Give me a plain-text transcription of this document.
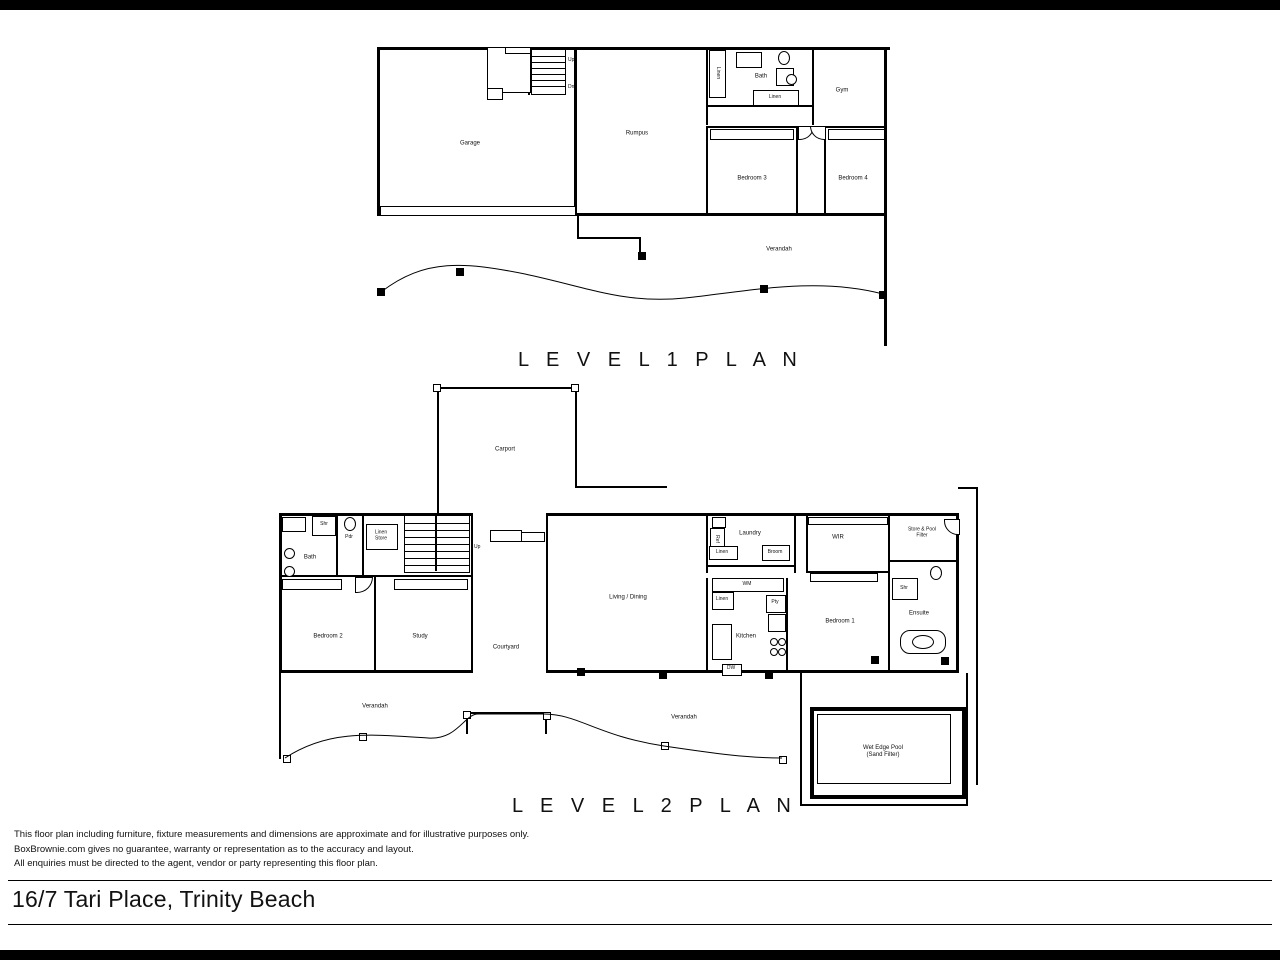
Up
Dn
Linen
Linen
Bath
Gym
Bedroom 3	Bedroom 4
Rumpus
Garage
Verandah
L E V E L 1 P L A N
Carport
Shr
Pdr
Linen
Store
Bath
Up
Bedroom 2	Study
Courtyard
Living / Dining
Ref
Linen	Broom
Laundry
WIR
Store & Pool
Filter
Bedroom 1
Ensuite
Shr
WM
Linen	Pty
Kitchen
DW
Verandah
Verandah
Wet Edge Pool
(Sand Filter)
L E V E L 2 P L A N
This floor plan including furniture, fixture measurements and dimensions are approximate and for illustrative purposes only.
BoxBrownie.com gives no guarantee, warranty or representation as to the accuracy and layout.
All enquiries must be directed to the agent, vendor or party representing this floor plan.
16/7 Tari Place, Trinity Beach
